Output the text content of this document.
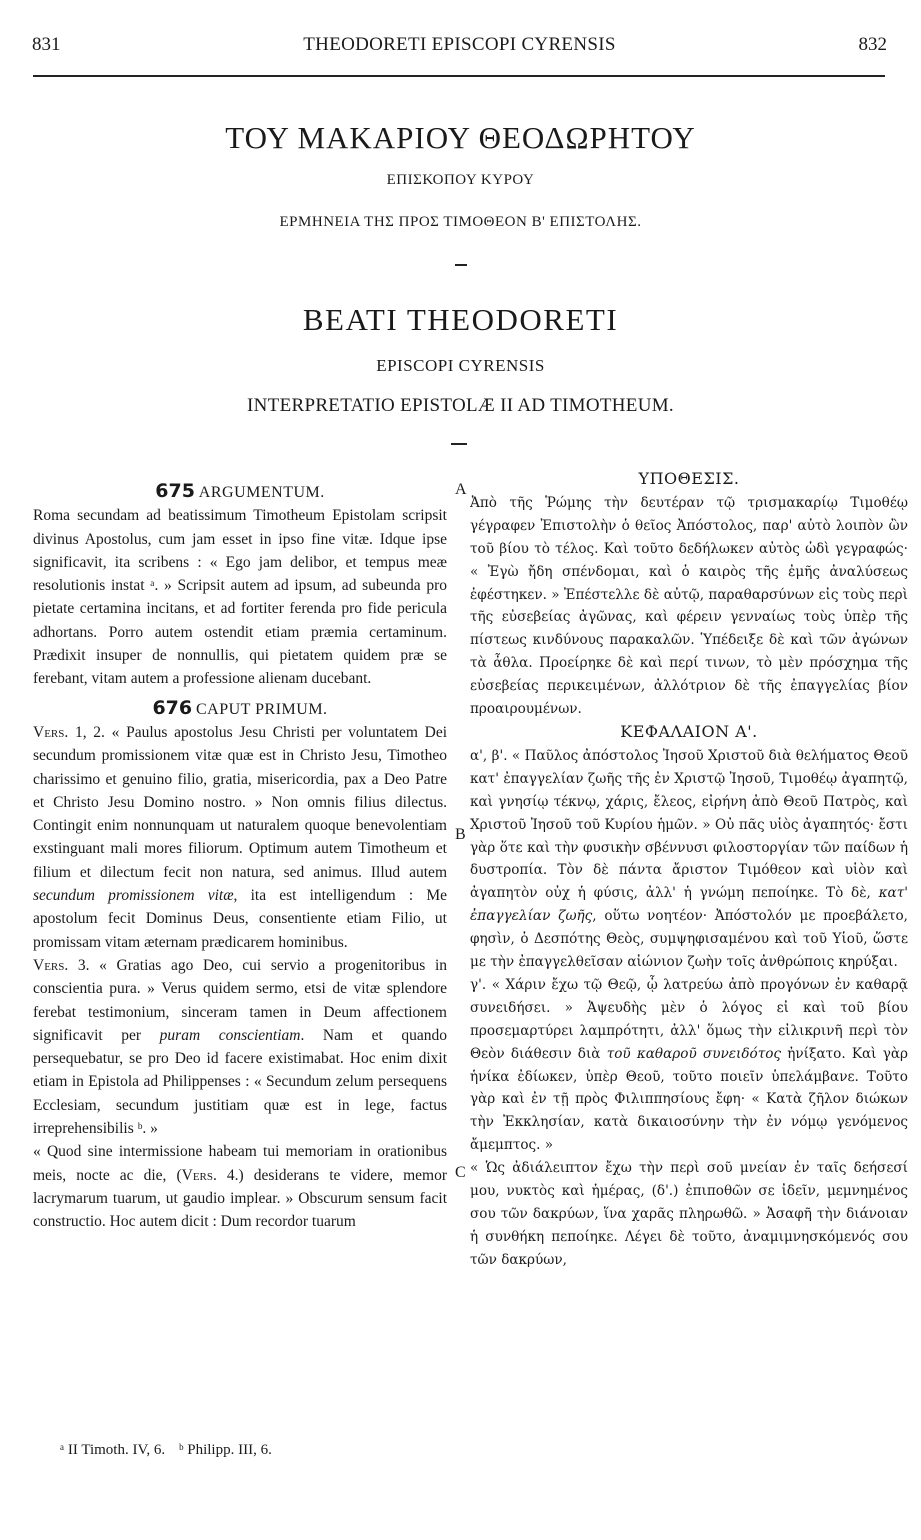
831	THEODORETI EPISCOPI CYRENSIS	832
ΤΟΥ ΜΑΚΑΡΙΟΥ ΘΕΟΔΩΡΗΤΟΥ
ΕΠΙΣΚΟΠΟΥ ΚΥΡΟΥ
ΕΡΜΗΝΕΙΑ ΤΗΣ ΠΡΟΣ ΤΙΜΟΘΕΟΝ Β' ΕΠΙΣΤΟΛΗΣ.
BEATI THEODORETI
EPISCOPI CYRENSIS
INTERPRETATIO EPISTOLÆ II AD TIMOTHEUM.
A
B
C

675 ARGUMENTUM.

Roma secundam ad beatissimum Timotheum Epistolam scripsit divinus Apostolus, cum jam esset in ipso fine vitæ. Idque ipse significavit, ita scribens : « Ego jam delibor, et tempus meæ resolutionis instat ᵃ. » Scripsit autem ad ipsum, ad subeunda pro pietate certamina incitans, et ad fortiter ferenda pro fide pericula adhortans. Porro autem ostendit etiam præmia certaminum. Prædixit insuper de nonnullis, qui pietatem quidem præ se ferebant, vitam autem a professione alienam ducebant.

676 CAPUT PRIMUM.

Vers. 1, 2. « Paulus apostolus Jesu Christi per voluntatem Dei secundum promissionem vitæ quæ est in Christo Jesu, Timotheo charissimo et genuino filio, gratia, misericordia, pax a Deo Patre et Christo Jesu Domino nostro. » Non omnis filius dilectus. Contingit enim nonnunquam ut naturalem quoque benevolentiam exstinguant mali mores filiorum. Optimum autem Timotheum et filium et dilectum fecit non natura, sed animus. Illud autem secundum promissionem vitæ, ita est intelligendum : Me apostolum fecit Dominus Deus, consentiente etiam Filio, ut promissam vitam æternam prædicarem hominibus.

Vers. 3. « Gratias ago Deo, cui servio a progenitoribus in conscientia pura. » Verus quidem sermo, etsi de vitæ splendore ferebat testimonium, sinceram tamen in Deum affectionem significavit per puram conscientiam. Nam et quando persequebatur, se pro Deo id facere existimabat. Hoc enim dixit etiam in Epistola ad Philippenses : « Secundum zelum persequens Ecclesiam, secundum justitiam quæ est in lege, factus irreprehensibilis ᵇ. »

« Quod sine intermissione habeam tui memoriam in orationibus meis, nocte ac die, (Vers. 4.) desiderans te videre, memor lacrymarum tuarum, ut gaudio implear. » Obscurum sensum facit constructio. Hoc autem dicit : Dum recordor tuarum

ΥΠΟΘΕΣΙΣ.

Ἀπὸ τῆς Ῥώμης τὴν δευτέραν τῷ τρισμακαρίῳ Τιμοθέῳ γέγραφεν Ἐπιστολὴν ὁ θεῖος Ἀπόστολος, παρ' αὐτὸ λοιπὸν ὢν τοῦ βίου τὸ τέλος. Καὶ τοῦτο δεδήλωκεν αὐτὸς ὡδὶ γεγραφώς· « Ἐγὼ ἤδη σπένδομαι, καὶ ὁ καιρὸς τῆς ἐμῆς ἀναλύσεως ἐφέστηκεν. » Ἐπέστελλε δὲ αὐτῷ, παραθαρσύνων εἰς τοὺς περὶ τῆς εὐσεβείας ἀγῶνας, καὶ φέρειν γενναίως τοὺς ὑπὲρ τῆς πίστεως κινδύνους παρακαλῶν. Ὑπέδειξε δὲ καὶ τῶν ἀγώνων τὰ ἆθλα. Προείρηκε δὲ καὶ περί τινων, τὸ μὲν πρόσχημα τῆς εὐσεβείας περικειμένων, ἀλλότριον δὲ τῆς ἐπαγγελίας βίον προαιρουμένων.

ΚΕΦΑΛΑΙΟΝ Α'.

α', β'. « Παῦλος ἀπόστολος Ἰησοῦ Χριστοῦ διὰ θελήματος Θεοῦ κατ' ἐπαγγελίαν ζωῆς τῆς ἐν Χριστῷ Ἰησοῦ, Τιμοθέῳ ἀγαπητῷ, καὶ γνησίῳ τέκνῳ, χάρις, ἔλεος, εἰρήνη ἀπὸ Θεοῦ Πατρὸς, καὶ Χριστοῦ Ἰησοῦ τοῦ Κυρίου ἡμῶν. » Οὐ πᾶς υἱὸς ἀγαπητός· ἔστι γὰρ ὅτε καὶ τὴν φυσικὴν σβέννυσι φιλοστοργίαν τῶν παίδων ἡ δυστροπία. Τὸν δὲ πάντα ἄριστον Τιμόθεον καὶ υἱὸν καὶ ἀγαπητὸν οὐχ ἡ φύσις, ἀλλ' ἡ γνώμη πεποίηκε. Τὸ δὲ, κατ' ἐπαγγελίαν ζωῆς, οὕτω νοητέον· Ἀπόστολόν με προεβάλετο, φησὶν, ὁ Δεσπότης Θεὸς, συμψηφισαμένου καὶ τοῦ Υἱοῦ, ὥστε με τὴν ἐπαγγελθεῖσαν αἰώνιον ζωὴν τοῖς ἀνθρώποις κηρύξαι.

γ'. « Χάριν ἔχω τῷ Θεῷ, ᾧ λατρεύω ἀπὸ προγόνων ἐν καθαρᾷ συνειδήσει. » Ἀψευδὴς μὲν ὁ λόγος εἰ καὶ τοῦ βίου προσεμαρτύρει λαμπρότητι, ἀλλ' ὅμως τὴν εἰλικρινῆ περὶ τὸν Θεὸν διάθεσιν διὰ τοῦ καθαροῦ συνειδότος ἠνίξατο. Καὶ γὰρ ἡνίκα ἐδίωκεν, ὑπὲρ Θεοῦ, τοῦτο ποιεῖν ὑπελάμβανε. Τοῦτο γὰρ καὶ ἐν τῇ πρὸς Φιλιππησίους ἔφη· « Κατὰ ζῆλον διώκων τὴν Ἐκκλησίαν, κατὰ δικαιοσύνην τὴν ἐν νόμῳ γενόμενος ἄμεμπτος. »

« Ὡς ἀδιάλειπτον ἔχω τὴν περὶ σοῦ μνείαν ἐν ταῖς δεήσεσί μου, νυκτὸς καὶ ἡμέρας, (δ'.) ἐπιποθῶν σε ἰδεῖν, μεμνημένος σου τῶν δακρύων, ἵνα χαρᾶς πληρωθῶ. » Ἀσαφῆ τὴν διάνοιαν ἡ συνθήκη πεποίηκε. Λέγει δὲ τοῦτο, ἀναμιμνησκόμενός σου τῶν δακρύων,

ᵃ II Timoth. IV, 6. ᵇ Philipp. III, 6.
